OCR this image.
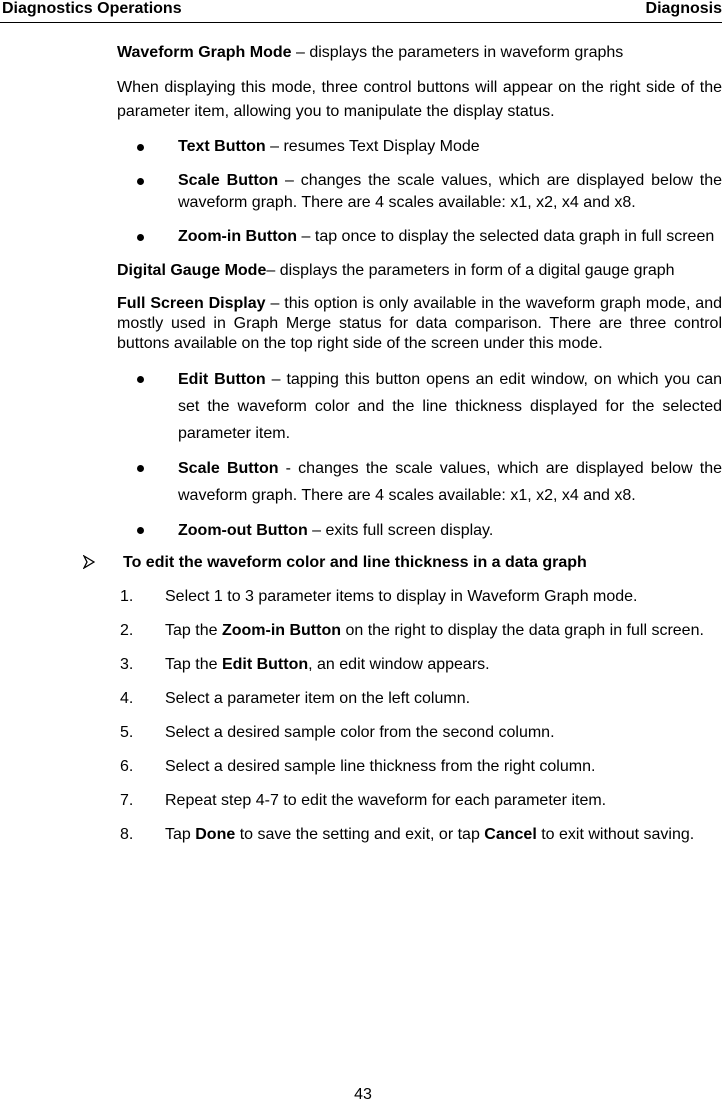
Diagnostics Operations	Diagnosis

Waveform Graph Mode – displays the parameters in waveform graphs

When displaying this mode, three control buttons will appear on the right side of the parameter item, allowing you to manipulate the display status.

Text Button – resumes Text Display Mode
Scale Button – changes the scale values, which are displayed below the waveform graph. There are 4 scales available: x1, x2, x4 and x8.
Zoom-in Button – tap once to display the selected data graph in full screen

Digital Gauge Mode– displays the parameters in form of a digital gauge graph

Full Screen Display – this option is only available in the waveform graph mode, and mostly used in Graph Merge status for data comparison. There are three control buttons available on the top right side of the screen under this mode.

Edit Button – tapping this button opens an edit window, on which you can set the waveform color and the line thickness displayed for the selected parameter item.
Scale Button - changes the scale values, which are displayed below the waveform graph. There are 4 scales available: x1, x2, x4 and x8.
Zoom-out Button – exits full screen display.
To edit the waveform color and line thickness in a data graph
1. Select 1 to 3 parameter items to display in Waveform Graph mode.
2. Tap the Zoom-in Button on the right to display the data graph in full screen.
3. Tap the Edit Button, an edit window appears.
4. Select a parameter item on the left column.
5. Select a desired sample color from the second column.
6. Select a desired sample line thickness from the right column.
7. Repeat step 4-7 to edit the waveform for each parameter item.
8. Tap Done to save the setting and exit, or tap Cancel to exit without saving.
43
